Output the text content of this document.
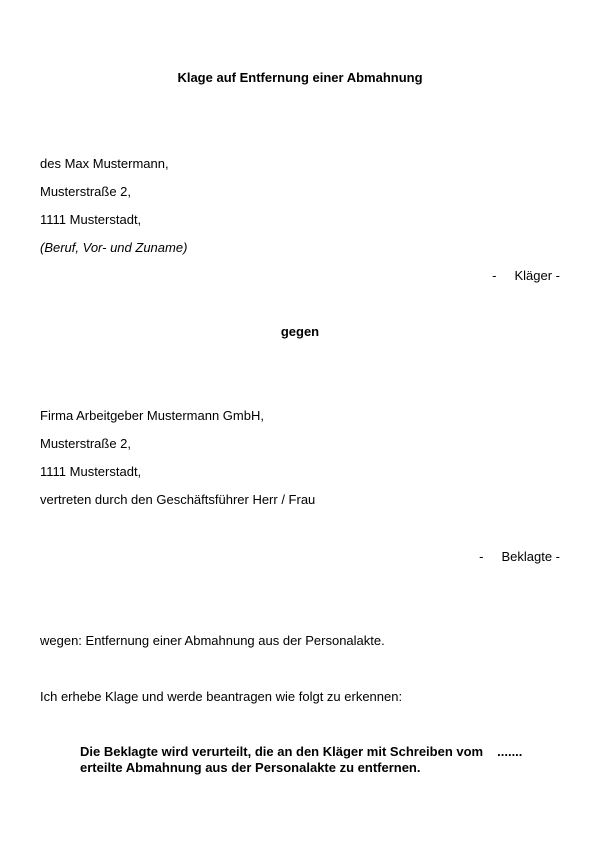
Klage auf Entfernung einer Abmahnung
des Max Mustermann,
Musterstraße 2,
1111 Musterstadt,
(Beruf, Vor- und Zuname)
- Kläger -
gegen
Firma Arbeitgeber Mustermann GmbH,
Musterstraße 2,
1111 Musterstadt,
vertreten durch den Geschäftsführer Herr / Frau
- Beklagte -
wegen: Entfernung einer Abmahnung aus der Personalakte.
Ich erhebe Klage und werde beantragen wie folgt zu erkennen:
Die Beklagte wird verurteilt, die an den Kläger mit Schreiben vom .......
erteilte Abmahnung aus der Personalakte zu entfernen.
